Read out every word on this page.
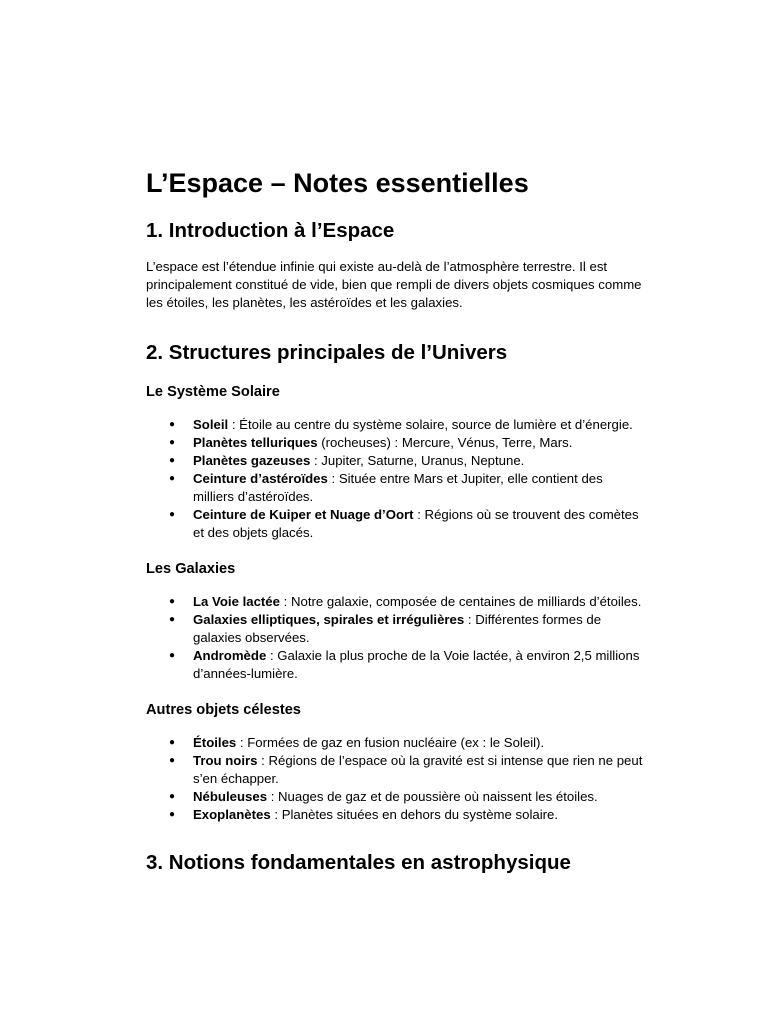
L’Espace – Notes essentielles
1. Introduction à l’Espace

L’espace est l’étendue infinie qui existe au-delà de l’atmosphère terrestre. Il est principalement constitué de vide, bien que rempli de divers objets cosmiques comme les étoiles, les planètes, les astéroïdes et les galaxies.

2. Structures principales de l’Univers
Le Système Solaire
● Soleil : Étoile au centre du système solaire, source de lumière et d’énergie.
● Planètes telluriques (rocheuses) : Mercure, Vénus, Terre, Mars.
● Planètes gazeuses : Jupiter, Saturne, Uranus, Neptune.
● Ceinture d’astéroïdes : Située entre Mars et Jupiter, elle contient des milliers d’astéroïdes.
● Ceinture de Kuiper et Nuage d’Oort : Régions où se trouvent des comètes et des objets glacés.
Les Galaxies
● La Voie lactée : Notre galaxie, composée de centaines de milliards d’étoiles.
● Galaxies elliptiques, spirales et irrégulières : Différentes formes de galaxies observées.
● Andromède : Galaxie la plus proche de la Voie lactée, à environ 2,5 millions d’années-lumière.
Autres objets célestes
● Étoiles : Formées de gaz en fusion nucléaire (ex : le Soleil).
● Trou noirs : Régions de l’espace où la gravité est si intense que rien ne peut s’en échapper.
● Nébuleuses : Nuages de gaz et de poussière où naissent les étoiles.
● Exoplanètes : Planètes situées en dehors du système solaire.
3. Notions fondamentales en astrophysique
